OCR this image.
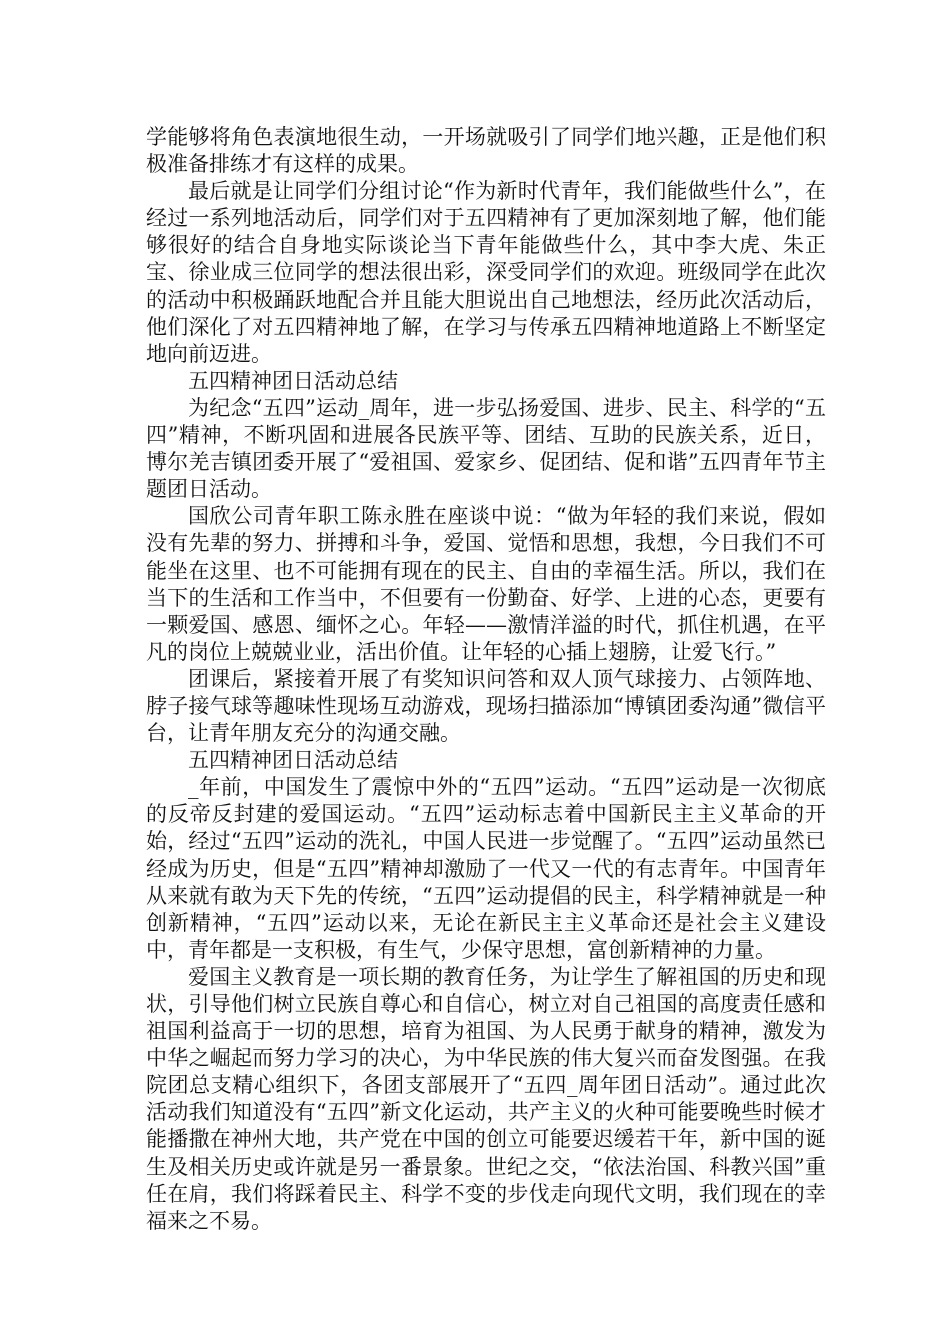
学能够将角色表演地很生动，一开场就吸引了同学们地兴趣，正是他们积极准备排练才有这样的成果。

最后就是让同学们分组讨论“作为新时代青年，我们能做些什么”，在经过一系列地活动后，同学们对于五四精神有了更加深刻地了解，他们能够很好的结合自身地实际谈论当下青年能做些什么，其中李大虎、朱正宝、徐业成三位同学的想法很出彩，深受同学们的欢迎。班级同学在此次的活动中积极踊跃地配合并且能大胆说出自己地想法，经历此次活动后，他们深化了对五四精神地了解，在学习与传承五四精神地道路上不断坚定地向前迈进。

五四精神团日活动总结

为纪念“五四”运动_周年，进一步弘扬爱国、进步、民主、科学的“五四”精神，不断巩固和进展各民族平等、团结、互助的民族关系，近日，博尔羌吉镇团委开展了“爱祖国、爱家乡、促团结、促和谐”五四青年节主题团日活动。

国欣公司青年职工陈永胜在座谈中说：“做为年轻的我们来说，假如没有先辈的努力、拼搏和斗争，爱国、觉悟和思想，我想，今日我们不可能坐在这里、也不可能拥有现在的民主、自由的幸福生活。所以，我们在当下的生活和工作当中，不但要有一份勤奋、好学、上进的心态，更要有一颗爱国、感恩、缅怀之心。年轻——激情洋溢的时代，抓住机遇，在平凡的岗位上兢兢业业，活出价值。让年轻的心插上翅膀，让爱飞行。”

团课后，紧接着开展了有奖知识问答和双人顶气球接力、占领阵地、脖子接气球等趣味性现场互动游戏，现场扫描添加“博镇团委沟通”微信平台，让青年朋友充分的沟通交融。

五四精神团日活动总结

_年前，中国发生了震惊中外的“五四”运动。“五四”运动是一次彻底的反帝反封建的爱国运动。“五四”运动标志着中国新民主主义革命的开始，经过“五四”运动的洗礼，中国人民进一步觉醒了。“五四”运动虽然已经成为历史，但是“五四”精神却激励了一代又一代的有志青年。中国青年从来就有敢为天下先的传统，“五四”运动提倡的民主，科学精神就是一种创新精神，“五四”运动以来，无论在新民主主义革命还是社会主义建设中，青年都是一支积极，有生气，少保守思想，富创新精神的力量。

爱国主义教育是一项长期的教育任务，为让学生了解祖国的历史和现状，引导他们树立民族自尊心和自信心，树立对自己祖国的高度责任感和祖国利益高于一切的思想，培育为祖国、为人民勇于献身的精神，激发为中华之崛起而努力学习的决心，为中华民族的伟大复兴而奋发图强。在我院团总支精心组织下，各团支部展开了“五四_周年团日活动”。通过此次活动我们知道没有“五四”新文化运动，共产主义的火种可能要晚些时候才能播撒在神州大地，共产党在中国的创立可能要迟缓若干年，新中国的诞生及相关历史或许就是另一番景象。世纪之交，“依法治国、科教兴国”重任在肩，我们将踩着民主、科学不变的步伐走向现代文明，我们现在的幸福来之不易。
